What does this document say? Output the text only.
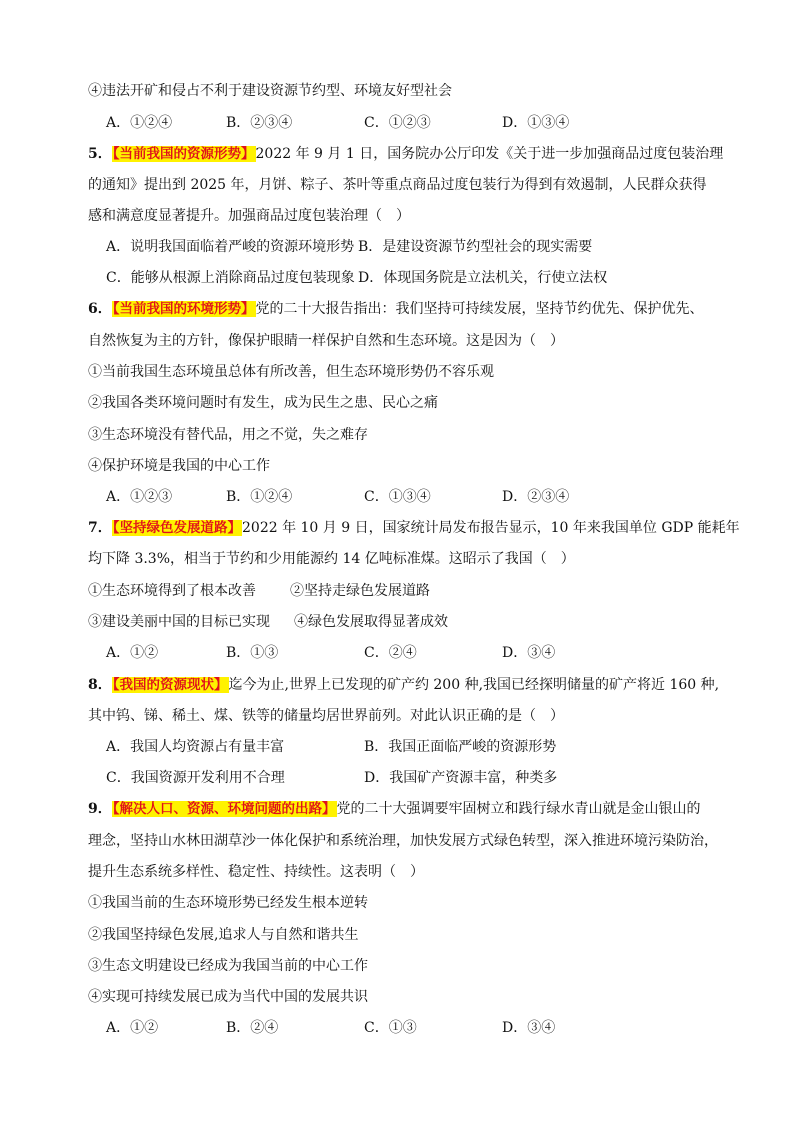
④违法开矿和侵占不利于建设资源节约型、环境友好型社会
A．①②④	B．②③④	C．①②③	D．①③④
5．【当前我国的资源形势】2022 年 9 月 1 日，国务院办公厅印发《关于进一步加强商品过度包装治理
的通知》提出到 2025 年，月饼、粽子、茶叶等重点商品过度包装行为得到有效遏制，人民群众获得
感和满意度显著提升。加强商品过度包装治理（　）
A．说明我国面临着严峻的资源环境形势 B．是建设资源节约型社会的现实需要
C．能够从根源上消除商品过度包装现象 D．体现国务院是立法机关，行使立法权
6．【当前我国的环境形势】党的二十大报告指出：我们坚持可持续发展，坚持节约优先、保护优先、
自然恢复为主的方针，像保护眼睛一样保护自然和生态环境。这是因为（　）
①当前我国生态环境虽总体有所改善，但生态环境形势仍不容乐观
②我国各类环境问题时有发生，成为民生之患、民心之痛
③生态环境没有替代品，用之不觉，失之难存
④保护环境是我国的中心工作
A．①②③	B．①②④	C．①③④	D．②③④
7．【坚持绿色发展道路】2022 年 10 月 9 日，国家统计局发布报告显示，10 年来我国单位 GDP 能耗年
均下降 3.3%，相当于节约和少用能源约 14 亿吨标准煤。这昭示了我国（　）
①生态环境得到了根本改善 ②坚持走绿色发展道路
③建设美丽中国的目标已实现 ④绿色发展取得显著成效
A．①②	B．①③	C．②④	D．③④
8．【我国的资源现状】迄今为止,世界上已发现的矿产约 200 种,我国已经探明储量的矿产将近 160 种,
其中钨、锑、稀土、煤、铁等的储量均居世界前列。对此认识正确的是（　）
A．我国人均资源占有量丰富	B．我国正面临严峻的资源形势
C．我国资源开发利用不合理	D．我国矿产资源丰富，种类多
9．【解决人口、资源、环境问题的出路】党的二十大强调要牢固树立和践行绿水青山就是金山银山的
理念，坚持山水林田湖草沙一体化保护和系统治理，加快发展方式绿色转型，深入推进环境污染防治，
提升生态系统多样性、稳定性、持续性。这表明（　）
①我国当前的生态环境形势已经发生根本逆转
②我国坚持绿色发展,追求人与自然和谐共生
③生态文明建设已经成为我国当前的中心工作
④实现可持续发展已成为当代中国的发展共识
A．①②	B．②④	C．①③	D．③④
